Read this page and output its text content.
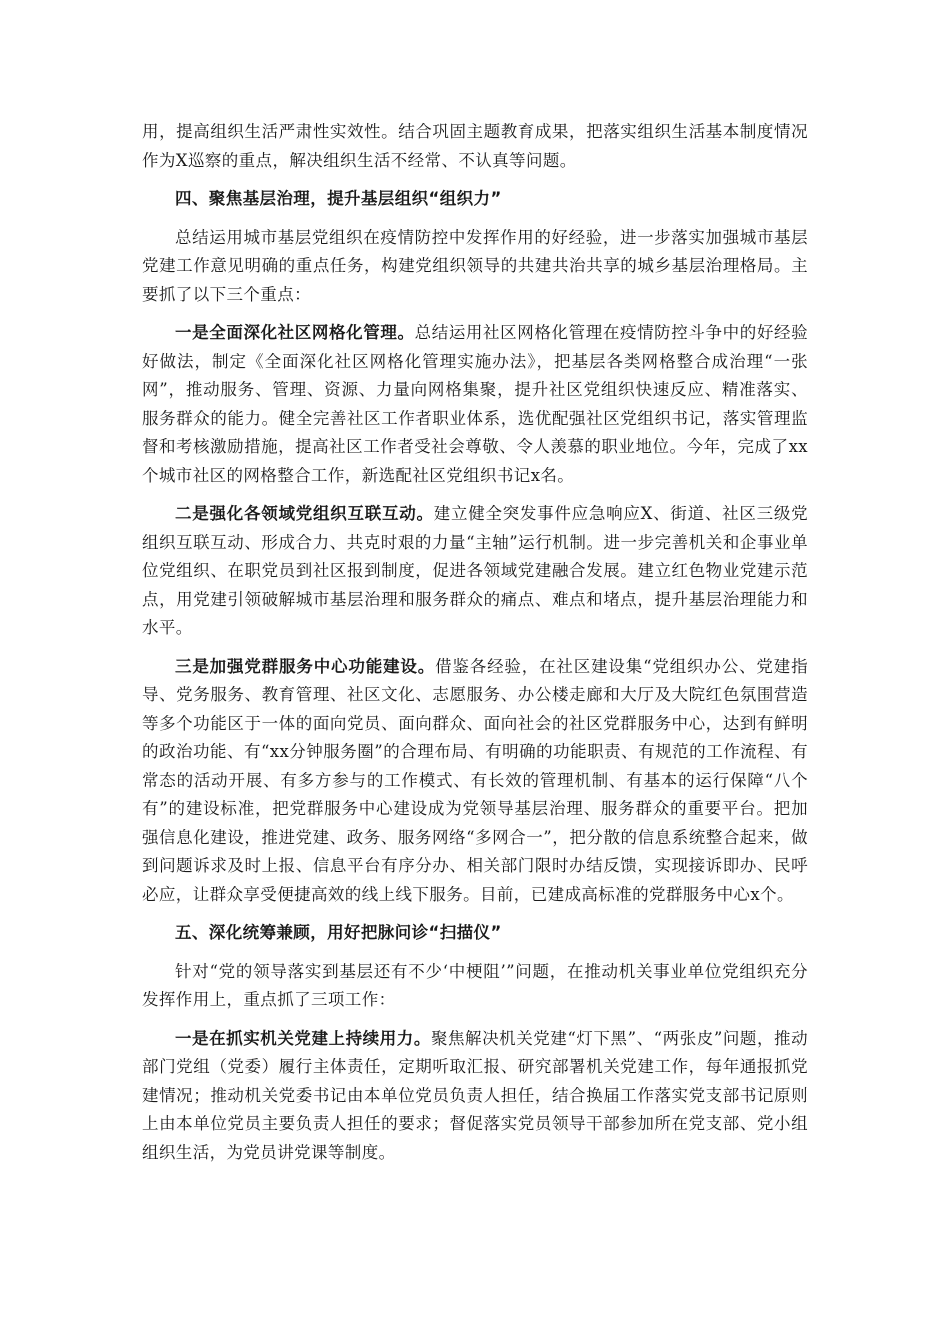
用，提高组织生活严肃性实效性。结合巩固主题教育成果，把落实组织生活基本制度情况作为X巡察的重点，解决组织生活不经常、不认真等问题。

四、聚焦基层治理，提升基层组织“组织力”

总结运用城市基层党组织在疫情防控中发挥作用的好经验，进一步落实加强城市基层党建工作意见明确的重点任务，构建党组织领导的共建共治共享的城乡基层治理格局。主要抓了以下三个重点：

一是全面深化社区网格化管理。总结运用社区网格化管理在疫情防控斗争中的好经验好做法，制定《全面深化社区网格化管理实施办法》，把基层各类网格整合成治理“一张网”，推动服务、管理、资源、力量向网格集聚，提升社区党组织快速反应、精准落实、服务群众的能力。健全完善社区工作者职业体系，选优配强社区党组织书记，落实管理监督和考核激励措施，提高社区工作者受社会尊敬、令人羡慕的职业地位。今年，完成了xx个城市社区的网格整合工作，新选配社区党组织书记x名。

二是强化各领域党组织互联互动。建立健全突发事件应急响应X、街道、社区三级党组织互联互动、形成合力、共克时艰的力量“主轴”运行机制。进一步完善机关和企事业单位党组织、在职党员到社区报到制度，促进各领域党建融合发展。建立红色物业党建示范点，用党建引领破解城市基层治理和服务群众的痛点、难点和堵点，提升基层治理能力和水平。

三是加强党群服务中心功能建设。借鉴各经验，在社区建设集“党组织办公、党建指导、党务服务、教育管理、社区文化、志愿服务、办公楼走廊和大厅及大院红色氛围营造等多个功能区于一体的面向党员、面向群众、面向社会的社区党群服务中心，达到有鲜明的政治功能、有“xx分钟服务圈”的合理布局、有明确的功能职责、有规范的工作流程、有常态的活动开展、有多方参与的工作模式、有长效的管理机制、有基本的运行保障“八个有”的建设标准，把党群服务中心建设成为党领导基层治理、服务群众的重要平台。把加强信息化建设，推进党建、政务、服务网络“多网合一”，把分散的信息系统整合起来，做到问题诉求及时上报、信息平台有序分办、相关部门限时办结反馈，实现接诉即办、民呼必应，让群众享受便捷高效的线上线下服务。目前，已建成高标准的党群服务中心x个。

五、深化统筹兼顾，用好把脉问诊“扫描仪”

针对“党的领导落实到基层还有不少‘中梗阻’”问题，在推动机关事业单位党组织充分发挥作用上，重点抓了三项工作：

一是在抓实机关党建上持续用力。聚焦解决机关党建“灯下黑”、“两张皮”问题，推动部门党组（党委）履行主体责任，定期听取汇报、研究部署机关党建工作，每年通报抓党建情况；推动机关党委书记由本单位党员负责人担任，结合换届工作落实党支部书记原则上由本单位党员主要负责人担任的要求；督促落实党员领导干部参加所在党支部、党小组组织生活，为党员讲党课等制度。
